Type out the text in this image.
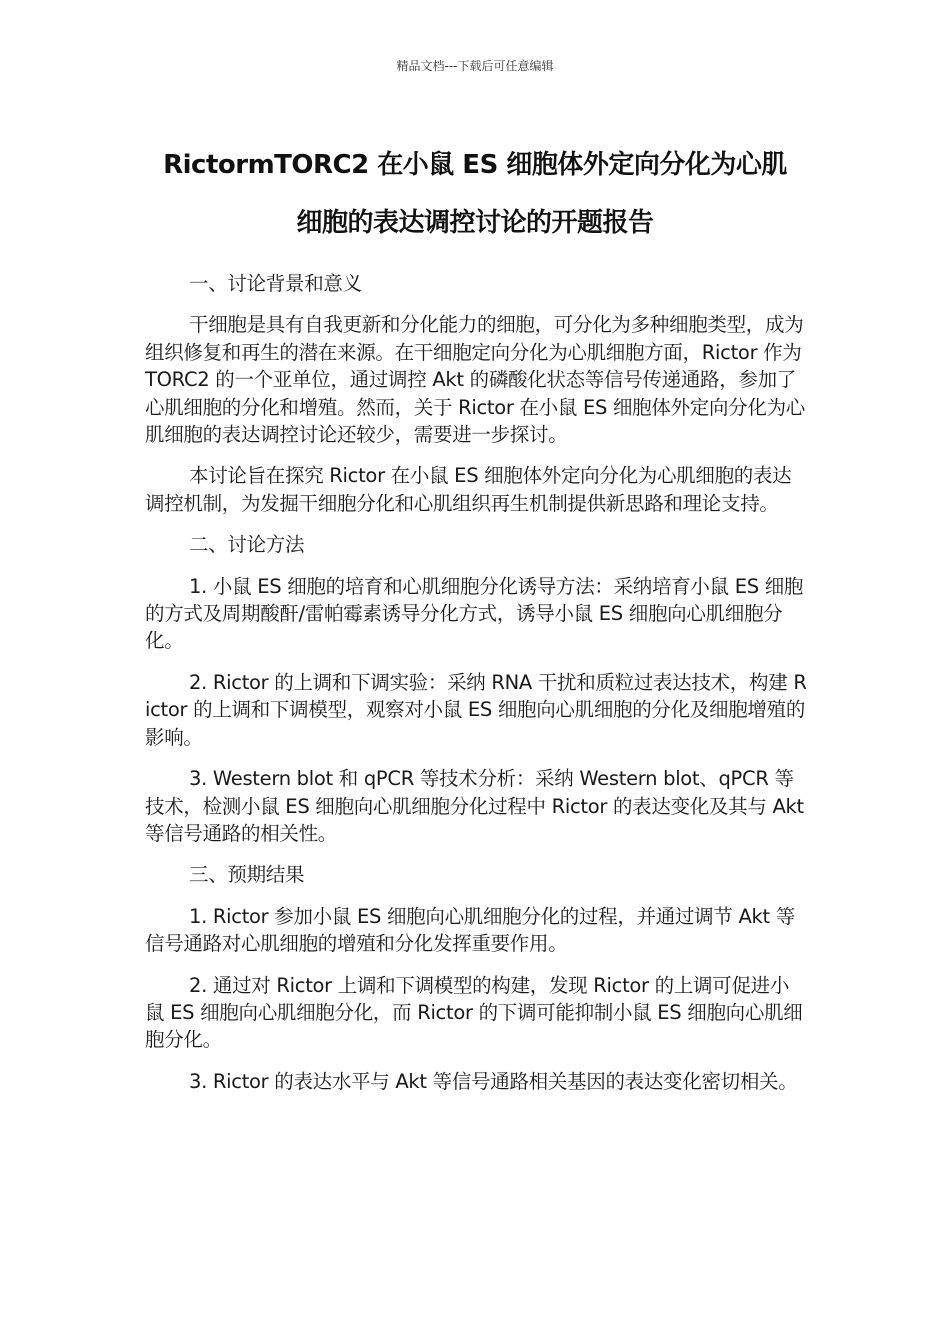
精品文档---下载后可任意编辑
RictormTORC2 在小鼠 ES 细胞体外定向分化为心肌
细胞的表达调控讨论的开题报告

一、讨论背景和意义

干细胞是具有自我更新和分化能力的细胞，可分化为多种细胞类型，成为组织修复和再生的潜在来源。在干细胞定向分化为心肌细胞方面，Rictor 作为 TORC2 的一个亚单位，通过调控 Akt 的磷酸化状态等信号传递通路，参加了心肌细胞的分化和增殖。然而，关于 Rictor 在小鼠 ES 细胞体外定向分化为心肌细胞的表达调控讨论还较少，需要进一步探讨。

本讨论旨在探究 Rictor 在小鼠 ES 细胞体外定向分化为心肌细胞的表达调控机制，为发掘干细胞分化和心肌组织再生机制提供新思路和理论支持。

二、讨论方法

1. 小鼠 ES 细胞的培育和心肌细胞分化诱导方法：采纳培育小鼠 ES 细胞的方式及周期酸酐/雷帕霉素诱导分化方式，诱导小鼠 ES 细胞向心肌细胞分化。

2. Rictor 的上调和下调实验：采纳 RNA 干扰和质粒过表达技术，构建 Rictor 的上调和下调模型，观察对小鼠 ES 细胞向心肌细胞的分化及细胞增殖的影响。

3. Western blot 和 qPCR 等技术分析：采纳 Western blot、qPCR 等技术，检测小鼠 ES 细胞向心肌细胞分化过程中 Rictor 的表达变化及其与 Akt 等信号通路的相关性。

三、预期结果

1. Rictor 参加小鼠 ES 细胞向心肌细胞分化的过程，并通过调节 Akt 等信号通路对心肌细胞的增殖和分化发挥重要作用。

2. 通过对 Rictor 上调和下调模型的构建，发现 Rictor 的上调可促进小鼠 ES 细胞向心肌细胞分化，而 Rictor 的下调可能抑制小鼠 ES 细胞向心肌细胞分化。

3. Rictor 的表达水平与 Akt 等信号通路相关基因的表达变化密切相关。
